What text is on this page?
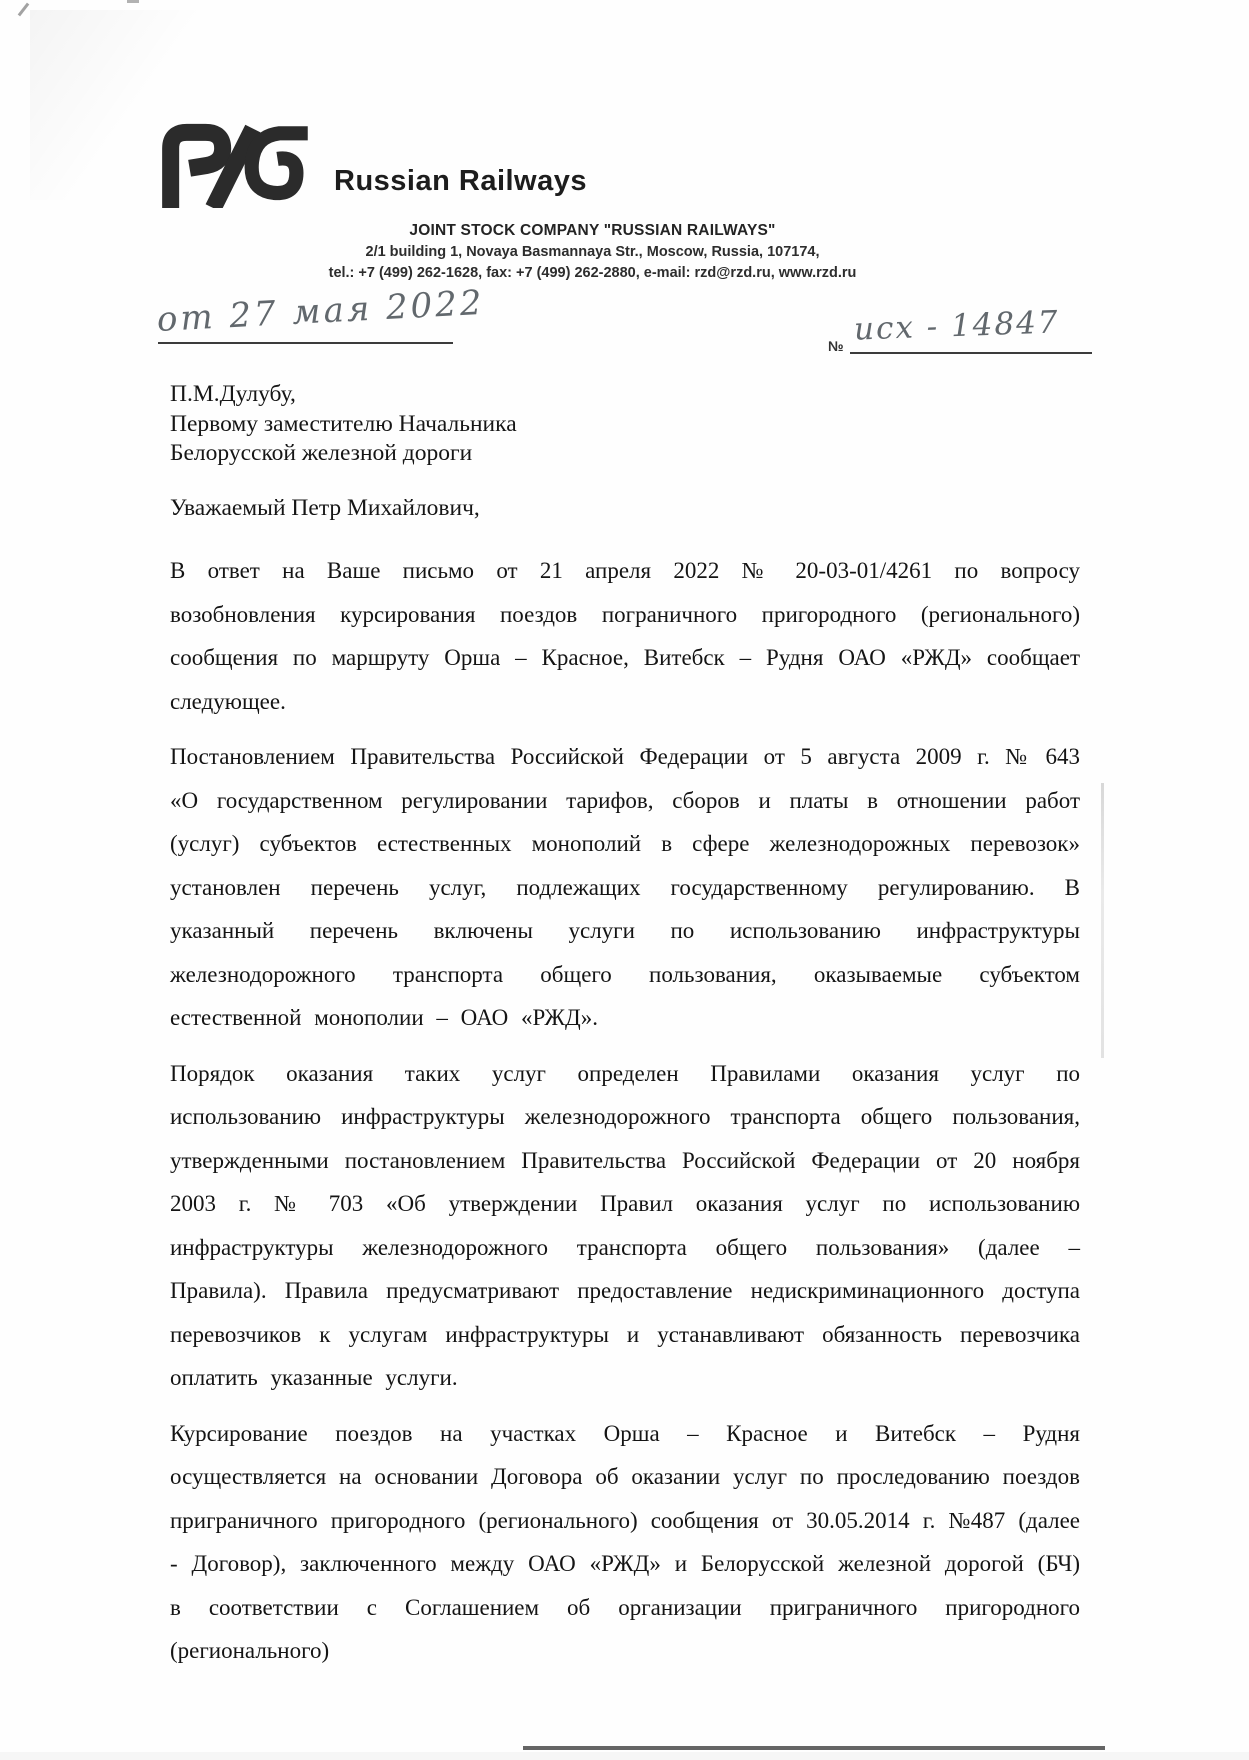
Russian Railways
JOINT STOCK COMPANY "RUSSIAN RAILWAYS"
2/1 building 1, Novaya Basmannaya Str., Moscow, Russia, 107174,
tel.: +7 (499) 262-1628, fax: +7 (499) 262-2880, e-mail: rzd@rzd.ru, www.rzd.ru
от 27 мая 2022
№ исх - 14847
П.М.Дулубу,
Первому заместителю Начальника
Белорусской железной дороги
Уважаемый Петр Михайлович,

В ответ на Ваше письмо от 21 апреля 2022 № 20-03-01/4261 по вопросу возобновления курсирования поездов пограничного пригородного (регионального) сообщения по маршруту Орша – Красное, Витебск – Рудня ОАО «РЖД» сообщает следующее.

Постановлением Правительства Российской Федерации от 5 августа 2009 г. № 643 «О государственном регулировании тарифов, сборов и платы в отношении работ (услуг) субъектов естественных монополий в сфере железнодорожных перевозок» установлен перечень услуг, подлежащих государственному регулированию. В указанный перечень включены услуги по использованию инфраструктуры железнодорожного транспорта общего пользования, оказываемые субъектом естественной монополии – ОАО «РЖД».

Порядок оказания таких услуг определен Правилами оказания услуг по использованию инфраструктуры железнодорожного транспорта общего пользования, утвержденными постановлением Правительства Российской Федерации от 20 ноября 2003 г. № 703 «Об утверждении Правил оказания услуг по использованию инфраструктуры железнодорожного транспорта общего пользования» (далее – Правила). Правила предусматривают предоставление недискриминационного доступа перевозчиков к услугам инфраструктуры и устанавливают обязанность перевозчика оплатить указанные услуги.

Курсирование поездов на участках Орша – Красное и Витебск – Рудня осуществляется на основании Договора об оказании услуг по проследованию поездов приграничного пригородного (регионального) сообщения от 30.05.2014 г. №487 (далее - Договор), заключенного между ОАО «РЖД» и Белорусской железной дорогой (БЧ) в соответствии с Соглашением об организации приграничного пригородного (регионального)
